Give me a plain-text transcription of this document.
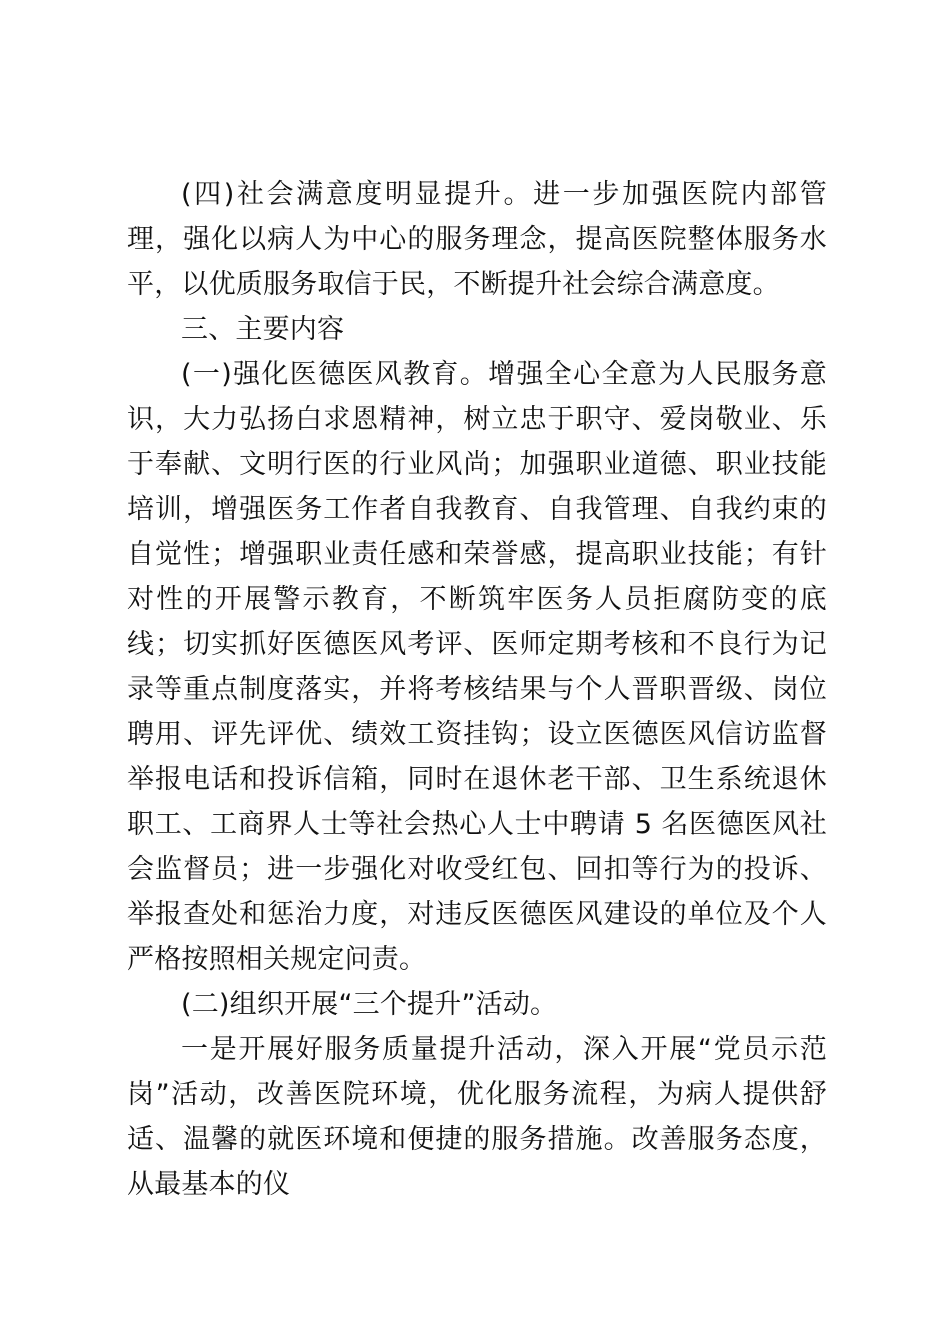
(四)社会满意度明显提升。进一步加强医院内部管理，强化以病人为中心的服务理念，提高医院整体服务水平，以优质服务取信于民，不断提升社会综合满意度。

三、主要内容

(一)强化医德医风教育。增强全心全意为人民服务意识，大力弘扬白求恩精神，树立忠于职守、爱岗敬业、乐于奉献、文明行医的行业风尚；加强职业道德、职业技能培训，增强医务工作者自我教育、自我管理、自我约束的自觉性；增强职业责任感和荣誉感，提高职业技能；有针对性的开展警示教育，不断筑牢医务人员拒腐防变的底线；切实抓好医德医风考评、医师定期考核和不良行为记录等重点制度落实，并将考核结果与个人晋职晋级、岗位聘用、评先评优、绩效工资挂钩；设立医德医风信访监督举报电话和投诉信箱，同时在退休老干部、卫生系统退休职工、工商界人士等社会热心人士中聘请 5 名医德医风社会监督员；进一步强化对收受红包、回扣等行为的投诉、举报查处和惩治力度，对违反医德医风建设的单位及个人严格按照相关规定问责。

(二)组织开展“三个提升”活动。

一是开展好服务质量提升活动，深入开展“党员示范岗”活动，改善医院环境，优化服务流程，为病人提供舒适、温馨的就医环境和便捷的服务措施。改善服务态度，从最基本的仪
